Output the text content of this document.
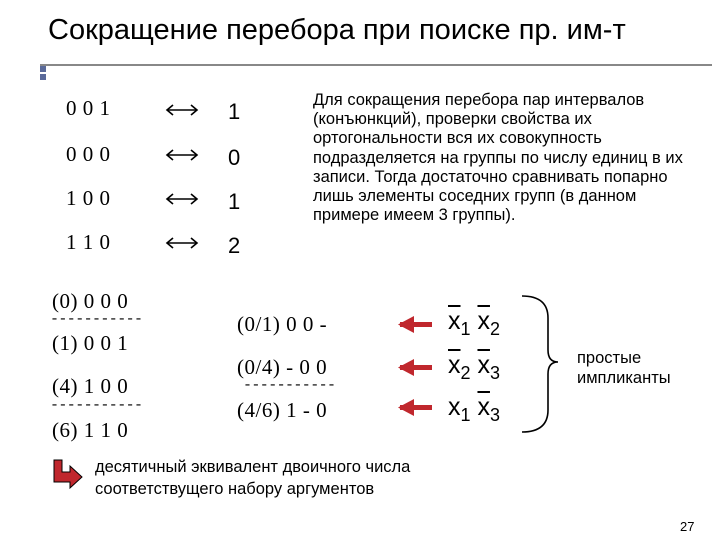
Сокращение перебора при поиске пр. им-т
0 0 1	1
0 0 0	0
1 0 0	1
1 1 0	2
Для сокращения перебора пар интервалов (конъюнкций), проверки свойства их ортогональности вся их совокупность подразделяется на группы по числу единиц в их записи. Тогда достаточно сравнивать попарно лишь элементы соседних групп (в данном примере имеем 3 группы).
(0) 0 0 0
-----------
(1) 0 0 1
(4) 1 0 0
-----------
(6) 1 1 0
(0/1) 0 0 -
(0/4) - 0 0
-----------
(4/6) 1 - 0
$\overline{x}_1$ $\overline{x}_2$
$\overline{x}_2$ $\overline{x}_3$
$x_1$ $\overline{x}_3$
простые импликанты
десятичный эквивалент двоичного числа
соответствущего набору аргументов
27
